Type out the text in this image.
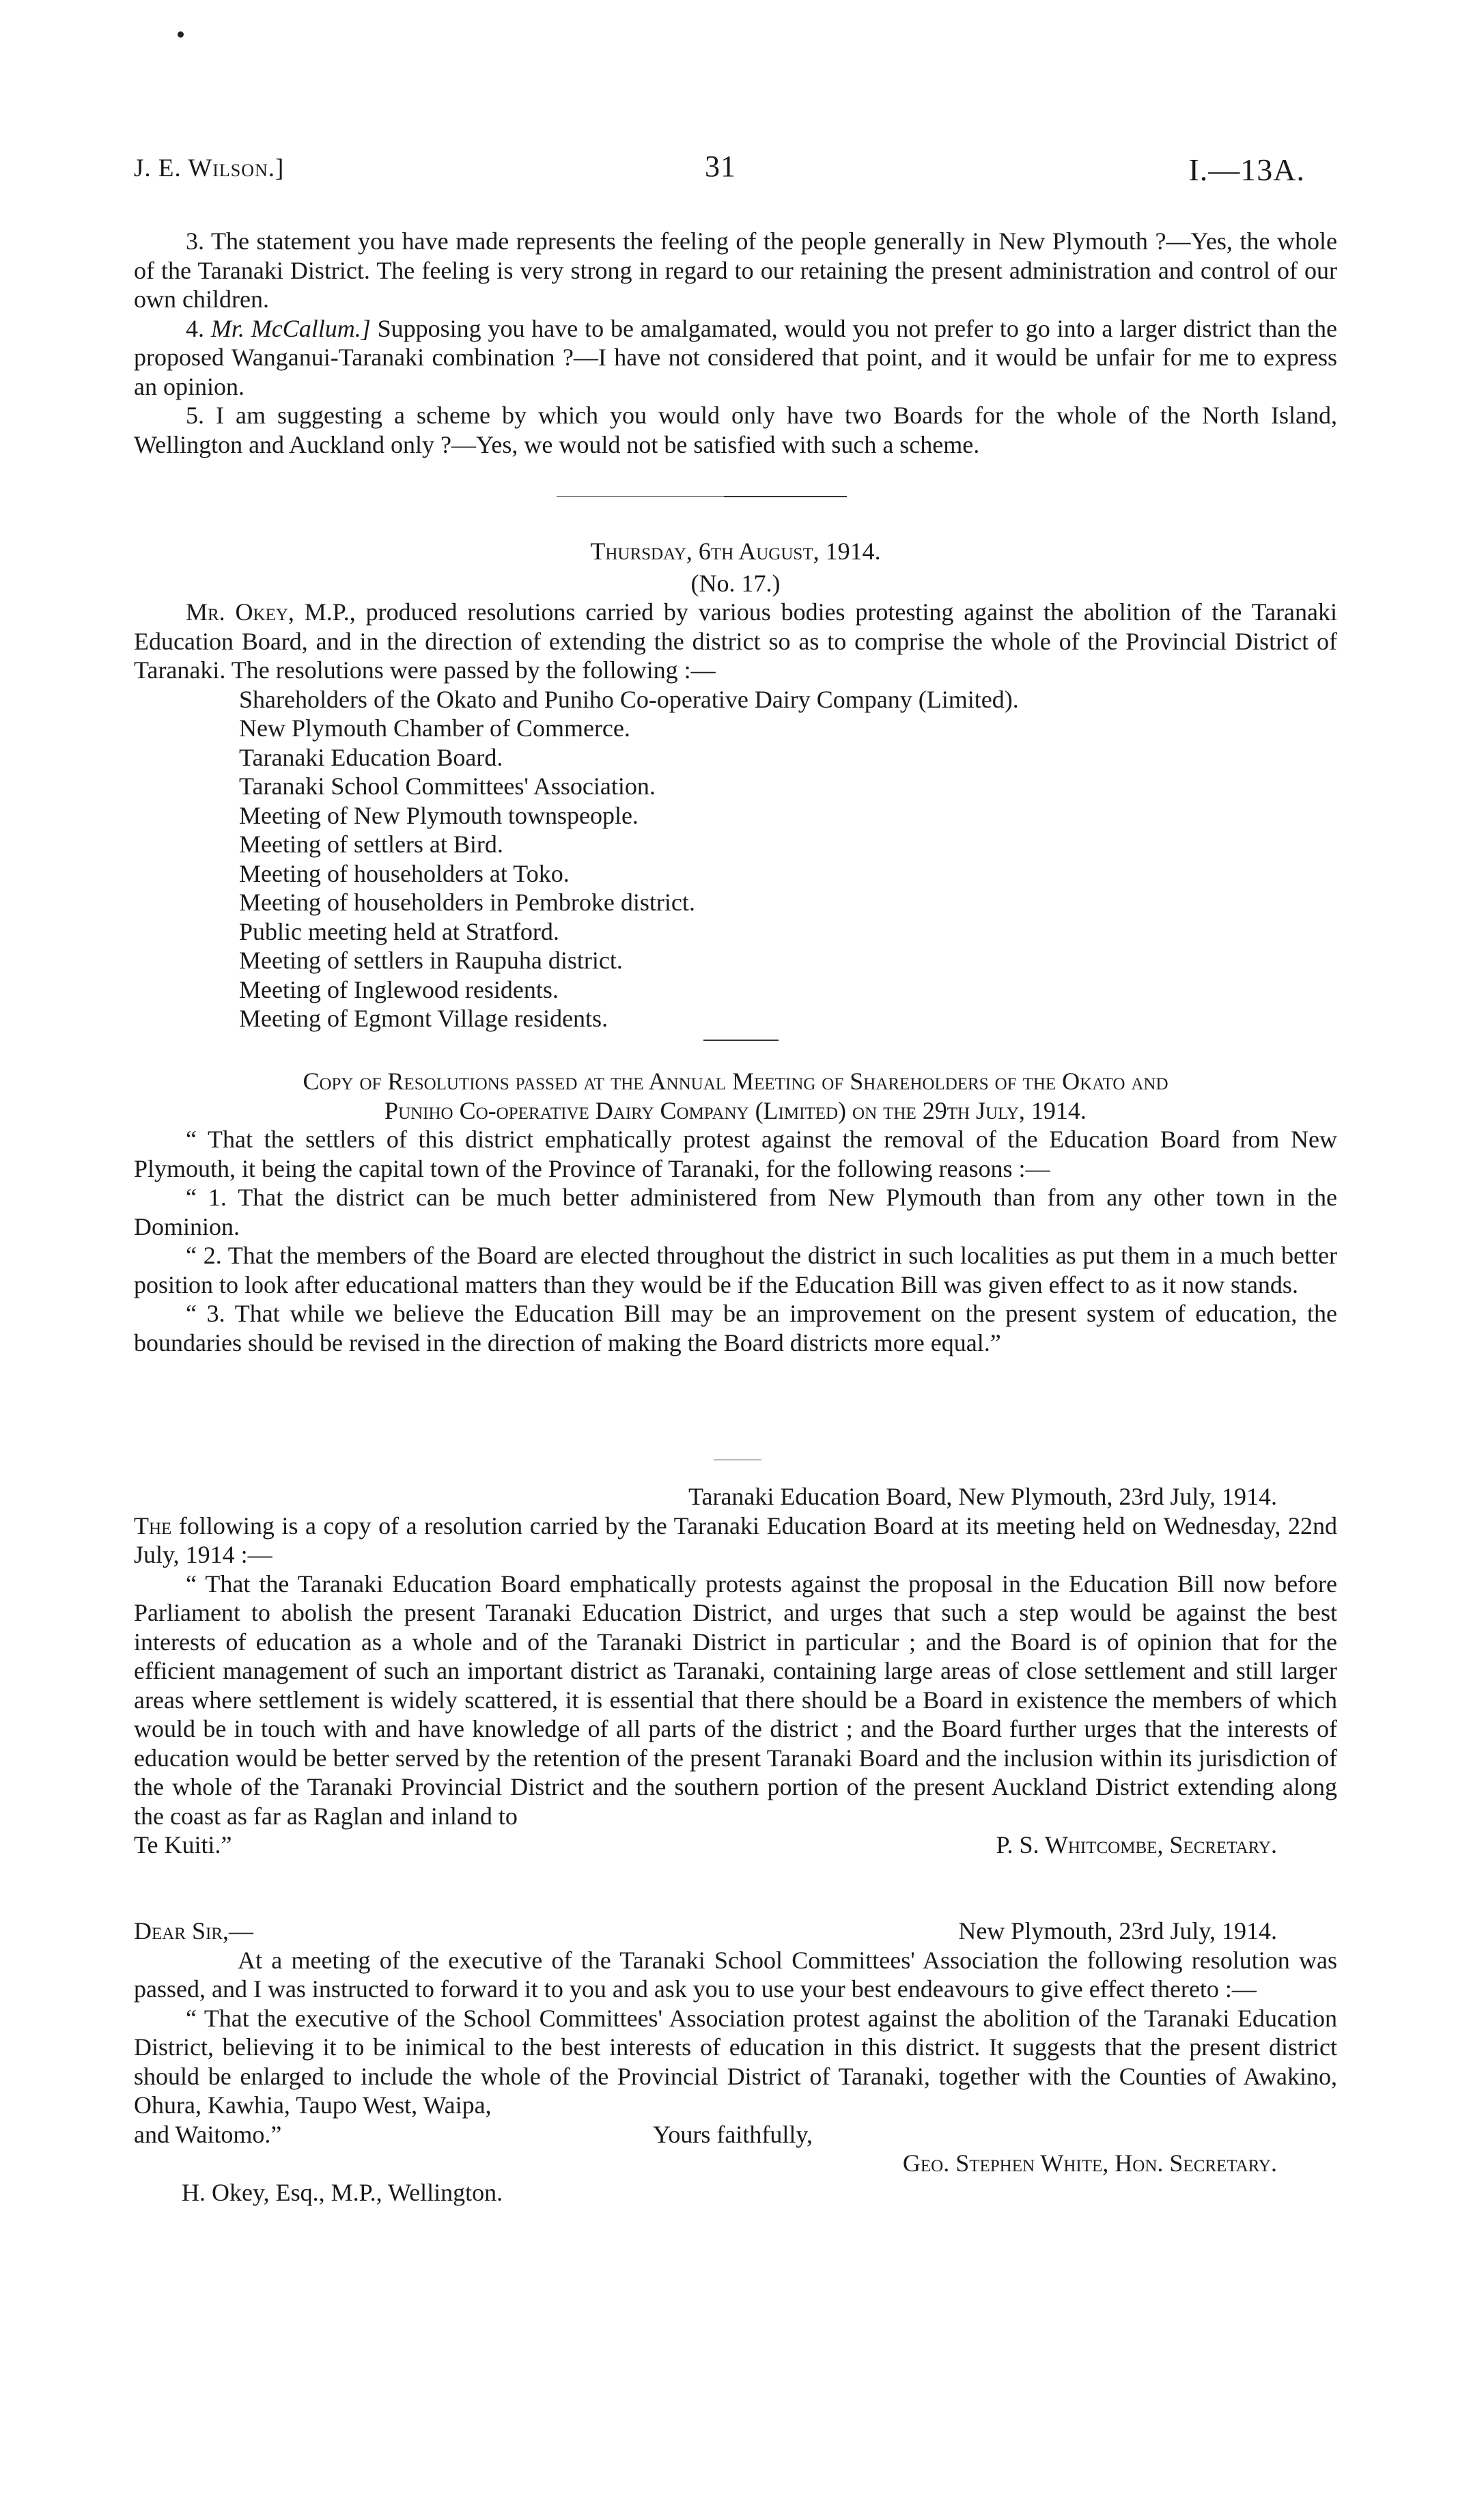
J. E. Wilson.]	31	I.—13A.

3. The statement you have made represents the feeling of the people generally in New Plymouth ?—Yes, the whole of the Taranaki District. The feeling is very strong in regard to our retaining the present administration and control of our own children.

4. Mr. McCallum.] Supposing you have to be amalgamated, would you not prefer to go into a larger district than the proposed Wanganui-Taranaki combination ?—I have not considered that point, and it would be unfair for me to express an opinion.

5. I am suggesting a scheme by which you would only have two Boards for the whole of the North Island, Wellington and Auckland only ?—Yes, we would not be satisfied with such a scheme.

Thursday, 6th August, 1914.

(No. 17.)

Mr. Okey, M.P., produced resolutions carried by various bodies protesting against the abolition of the Taranaki Education Board, and in the direction of extending the district so as to comprise the whole of the Provincial District of Taranaki. The resolutions were passed by the following :—

Shareholders of the Okato and Puniho Co-operative Dairy Company (Limited).
New Plymouth Chamber of Commerce.
Taranaki Education Board.
Taranaki School Committees' Association.
Meeting of New Plymouth townspeople.
Meeting of settlers at Bird.
Meeting of householders at Toko.
Meeting of householders in Pembroke district.
Public meeting held at Stratford.
Meeting of settlers in Raupuha district.
Meeting of Inglewood residents.
Meeting of Egmont Village residents.

Copy of Resolutions passed at the Annual Meeting of Shareholders of the Okato and

Puniho Co-operative Dairy Company (Limited) on the 29th July, 1914.

“ That the settlers of this district emphatically protest against the removal of the Education Board from New Plymouth, it being the capital town of the Province of Taranaki, for the following reasons :—

“ 1. That the district can be much better administered from New Plymouth than from any other town in the Dominion.

“ 2. That the members of the Board are elected throughout the district in such localities as put them in a much better position to look after educational matters than they would be if the Education Bill was given effect to as it now stands.

“ 3. That while we believe the Education Bill may be an improvement on the present system of education, the boundaries should be revised in the direction of making the Board districts more equal.”

Taranaki Education Board, New Plymouth, 23rd July, 1914.

The following is a copy of a resolution carried by the Taranaki Education Board at its meeting held on Wednesday, 22nd July, 1914 :—

“ That the Taranaki Education Board emphatically protests against the proposal in the Education Bill now before Parliament to abolish the present Taranaki Education District, and urges that such a step would be against the best interests of education as a whole and of the Taranaki District in particular ; and the Board is of opinion that for the efficient management of such an important district as Taranaki, containing large areas of close settlement and still larger areas where settlement is widely scattered, it is essential that there should be a Board in existence the members of which would be in touch with and have knowledge of all parts of the district ; and the Board further urges that the interests of education would be better served by the retention of the present Taranaki Board and the inclusion within its jurisdiction of the whole of the Taranaki Provincial District and the southern portion of the present Auckland District extending along the coast as far as Raglan and inland to

Te Kuiti.”	P. S. Whitcombe, Secretary.
Dear Sir,—	New Plymouth, 23rd July, 1914.

At a meeting of the executive of the Taranaki School Committees' Association the following resolution was passed, and I was instructed to forward it to you and ask you to use your best endeavours to give effect thereto :—

“ That the executive of the School Committees' Association protest against the abolition of the Taranaki Education District, believing it to be inimical to the best interests of education in this district. It suggests that the present district should be enlarged to include the whole of the Provincial District of Taranaki, together with the Counties of Awakino, Ohura, Kawhia, Taupo West, Waipa,

and Waitomo.”	Yours faithfully,

Geo. Stephen White, Hon. Secretary.

H. Okey, Esq., M.P., Wellington.
